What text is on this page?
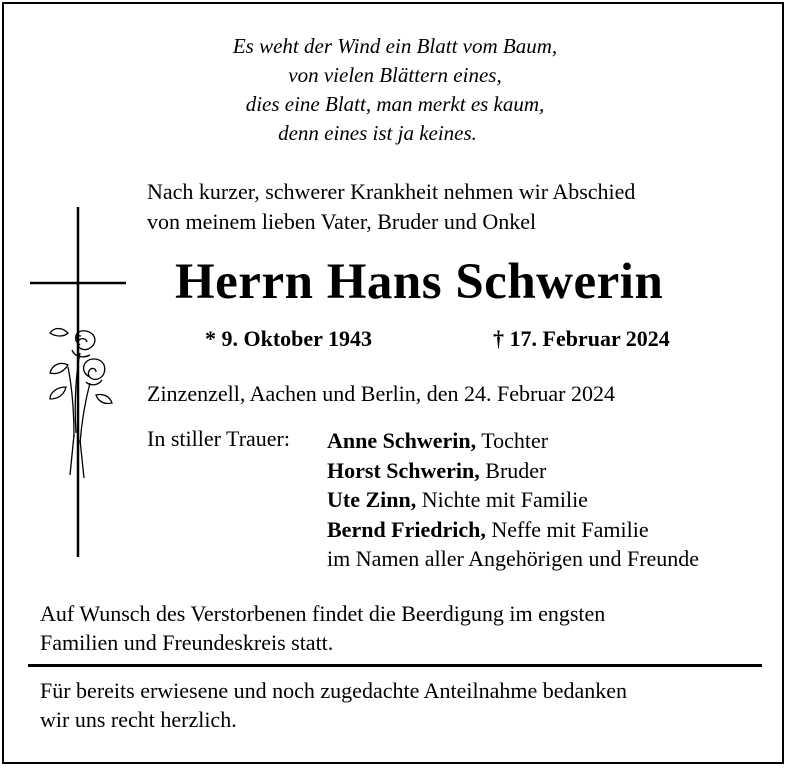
Es weht der Wind ein Blatt vom Baum,
von vielen Blättern eines,
dies eine Blatt, man merkt es kaum,
denn eines ist ja keines.
Nach kurzer, schwerer Krankheit nehmen wir Abschied
von meinem lieben Vater, Bruder und Onkel
Herrn Hans Schwerin
* 9. Oktober 1943	† 17. Februar 2024
Zinzenzell, Aachen und Berlin, den 24. Februar 2024
In stiller Trauer: Anne Schwerin, Tochter
Horst Schwerin, Bruder
Ute Zinn, Nichte mit Familie
Bernd Friedrich, Neffe mit Familie
im Namen aller Angehörigen und Freunde
Auf Wunsch des Verstorbenen findet die Beerdigung im engsten
Familien und Freundeskreis statt.
Für bereits erwiesene und noch zugedachte Anteilnahme bedanken
wir uns recht herzlich.
